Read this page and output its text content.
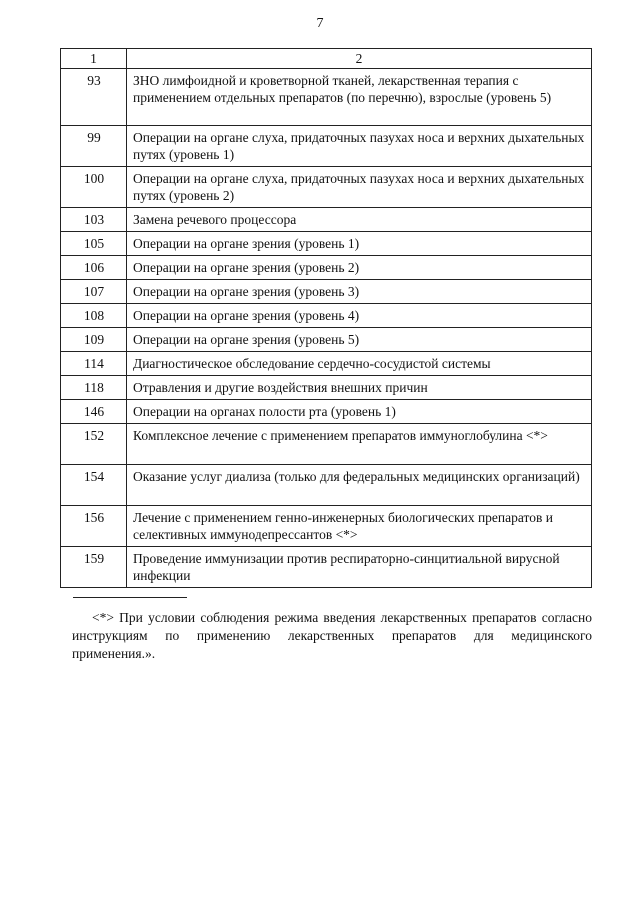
7
1	2
93	ЗНО лимфоидной и кроветворной тканей, лекарственная терапия с применением отдельных препаратов (по перечню), взрослые (уровень 5)
99	Операции на органе слуха, придаточных пазухах носа и верхних дыхательных путях (уровень 1)
100	Операции на органе слуха, придаточных пазухах носа и верхних дыхательных путях (уровень 2)
103	Замена речевого процессора
105	Операции на органе зрения (уровень 1)
106	Операции на органе зрения (уровень 2)
107	Операции на органе зрения (уровень 3)
108	Операции на органе зрения (уровень 4)
109	Операции на органе зрения (уровень 5)
114	Диагностическое обследование сердечно-сосудистой системы
118	Отравления и другие воздействия внешних причин
146	Операции на органах полости рта (уровень 1)
152	Комплексное лечение с применением препаратов иммуноглобулина <*>
154	Оказание услуг диализа (только для федеральных медицинских организаций)
156	Лечение с применением генно-инженерных биологических препаратов и селективных иммунодепрессантов <*>
159	Проведение иммунизации против респираторно-синцитиальной вирусной инфекции
<*> При условии соблюдения режима введения лекарственных препаратов согласно инструкциям по применению лекарственных препаратов для медицинского применения.».
